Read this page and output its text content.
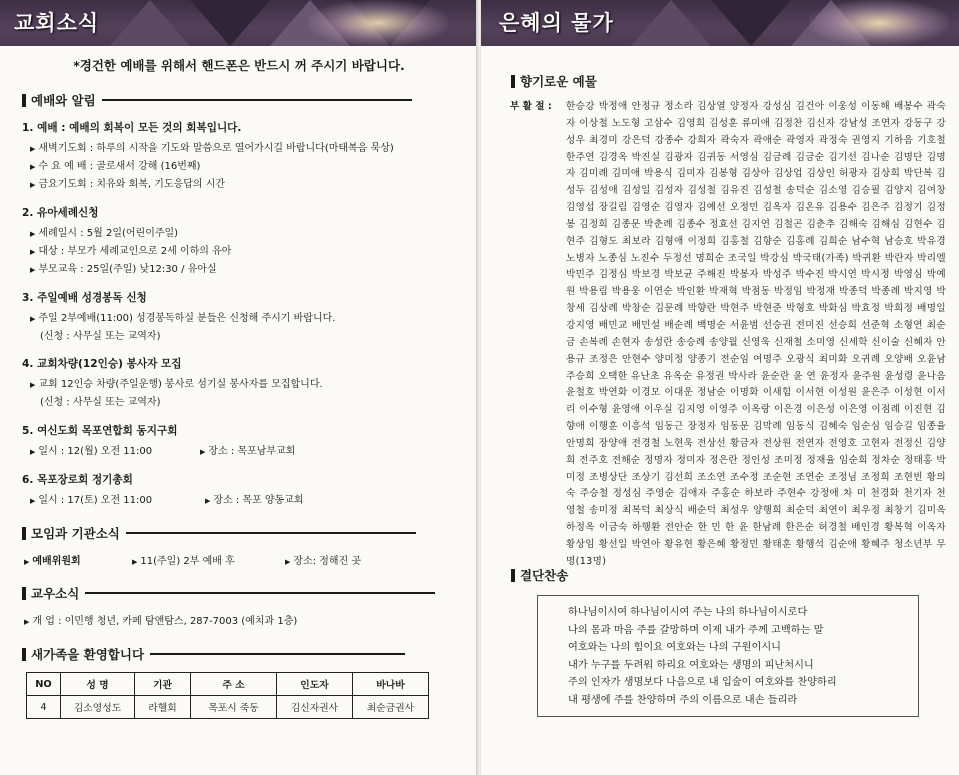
교회소식
*경건한 예배를 위해서 핸드폰은 반드시 꺼 주시기 바랍니다.
예배와 알림
1. 예배 : 예배의 회복이 모든 것의 회복입니다.
▶ 새벽기도회 : 하루의 시작을 기도와 말씀으로 열어가시길 바랍니다(마태복음 묵상)
▶ 수 요 예 배 : 골로새서 강해 (16번째)
▶ 금요기도회 : 치유와 회복, 기도응답의 시간
2. 유아세례신청
▶ 세례일시 : 5월 2일(어린이주일)
▶ 대상 : 부모가 세례교인으로 2세 이하의 유아
▶ 부모교육 : 25일(주일) 낮12:30 / 유아실
3. 주일예배 성경봉독 신청
▶ 주일 2부예배(11:00) 성경봉독하실 분들은 신청해 주시기 바랍니다.
(신청 : 사무실 또는 교역자)
4. 교회차량(12인승) 봉사자 모집
▶ 교회 12인승 차량(주일운행) 봉사로 섬기실 봉사자를 모집합니다.
(신청 : 사무실 또는 교역자)
5. 여신도회 목포연합회 동지구회
▶ 일시 : 12(월) 오전 11:00	▶ 장소 : 목포남부교회
6. 목포장로회 정기총회
▶ 일시 : 17(토) 오전 11:00	▶ 장소 : 목포 양동교회
모임과 기관소식
▶ 예배위원회	▶ 11(주일) 2부 예배 후	▶ 장소: 정해진 곳
교우소식
▶ 개 업 : 이민행 청년, 카페 탐앤탐스, 287-7003 (예치과 1층)
새가족을 환영합니다
NO	성 명	기관	주 소	인도자	바나바
4	김소영성도	라헬회	목포시 죽동	김신자권사	최순금권사
은혜의 물가
향기로운 예물
부 활 절 : 한승강 박정애 안정규 정소라 김상열 양정자 강성심 김건아 이웅성 이동해 배봉수 곽숙자 이상철 노도형 고삼수 김영희 김성훈 류미애 김정찬 김신자 강남성 조연자 강동구 강성우 최경미 강은덕 강종수 강희자 곽숙자 곽애순 곽영자 곽정숙 권영지 기하음 기호철 한주연 김경옥 박진실 김광자 김귀동 서영심 김금례 김금순 김기선 김나순 김명단 김명자 김미례 김미애 박용식 김미자 김봉형 김상아 김상업 김상인 허광자 김상희 박단복 김성두 김성애 김성일 김성자 김성철 김유진 김성철 송덕순 김소영 김승필 김양지 김여창 김영섭 장길림 김영순 김영자 김예선 오정민 김옥자 김온유 김용수 김은주 김정기 김정봉 김정희 김종문 박춘례 김종수 정효선 김지연 김철곤 김춘추 김해숙 김해심 김현수 김현주 김형도 최보라 김형애 이정희 김홍철 김향순 김홍례 김희순 남수혁 남승호 박유경 노병자 노종심 노진수 두정선 명희순 조국일 박강심 박국태(가족) 박귀환 박란자 박리엘 박민주 김정심 박보경 박보균 주해진 박봉자 박성주 박수진 박시연 박시정 박영심 박예원 박용림 박용웅 이연순 박인환 박재혁 박점동 박정임 박정재 박종덕 박종례 박지영 박창세 김상례 박창순 김문례 박향란 박현주 박현준 박형호 박화심 박효정 박희정 배명일 강지영 배민교 배민설 배순례 백명순 서윤범 선승권 전미진 선승희 선준혁 소형연 최순금 손복례 손현자 송성란 송승례 송양월 신영욱 신재철 소미영 신세학 신이술 신혜자 안용규 조정은 안현수 양미정 양종기 전순임 여명주 오광식 최미화 오귀례 오양배 오윤남 주승희 오택한 유난초 유옥순 유정권 박사라 윤순란 윤 연 윤정자 윤주원 윤성령 윤나음 윤철호 박연화 이경모 이대운 정남순 이명화 이새힘 이서현 이성원 윤은주 이성현 이서리 이수형 윤영애 이우실 김지영 이영주 이옥랑 이은경 이은성 이은영 이점례 이진현 김향애 이행훈 이흥석 임동근 장정자 임동문 김막례 임동식 김혜숙 임순심 임승길 임종율 안명희 장양애 전경철 노현욱 전상선 황금자 전상원 전연자 전영호 고현자 전정신 김양희 전주호 전해순 정명자 정미자 정은란 정인성 조미정 정재율 임순희 정차순 정태홍 박미정 조병상단 조상기 김선희 조소연 조수정 조순현 조연순 조정님 조정희 조현빈 황의숙 주승철 정성심 주영순 김애자 주홍순 하보라 주현수 강정애 차 미 천경화 천기자 천영철 송미정 최복덕 최상식 배순덕 최성우 양행희 최순덕 최연이 최우정 최창기 김미옥 하정옥 이금숙 하행환 전안순 한 민 한 윤 한남례 한은순 허경철 배인경 황복혁 이옥자 황상임 황선일 박연아 황유현 황은혜 황정민 황태훈 황행석 김순애 황혜주 청소년부 무 명(13명)
결단찬송
하나님이시여 하나님이시여 주는 나의 하나님이시로다
나의 몸과 마음 주를 갈망하며 이제 내가 주께 고백하는 말
여호와는 나의 힘이요 여호와는 나의 구원이시니
내가 누구를 두려워 하리요 여호와는 생명의 피난처시니
주의 인자가 생명보다 나음으로 내 입술이 여호와를 찬양하리
내 평생에 주를 찬양하며 주의 이름으로 내손 들리라
